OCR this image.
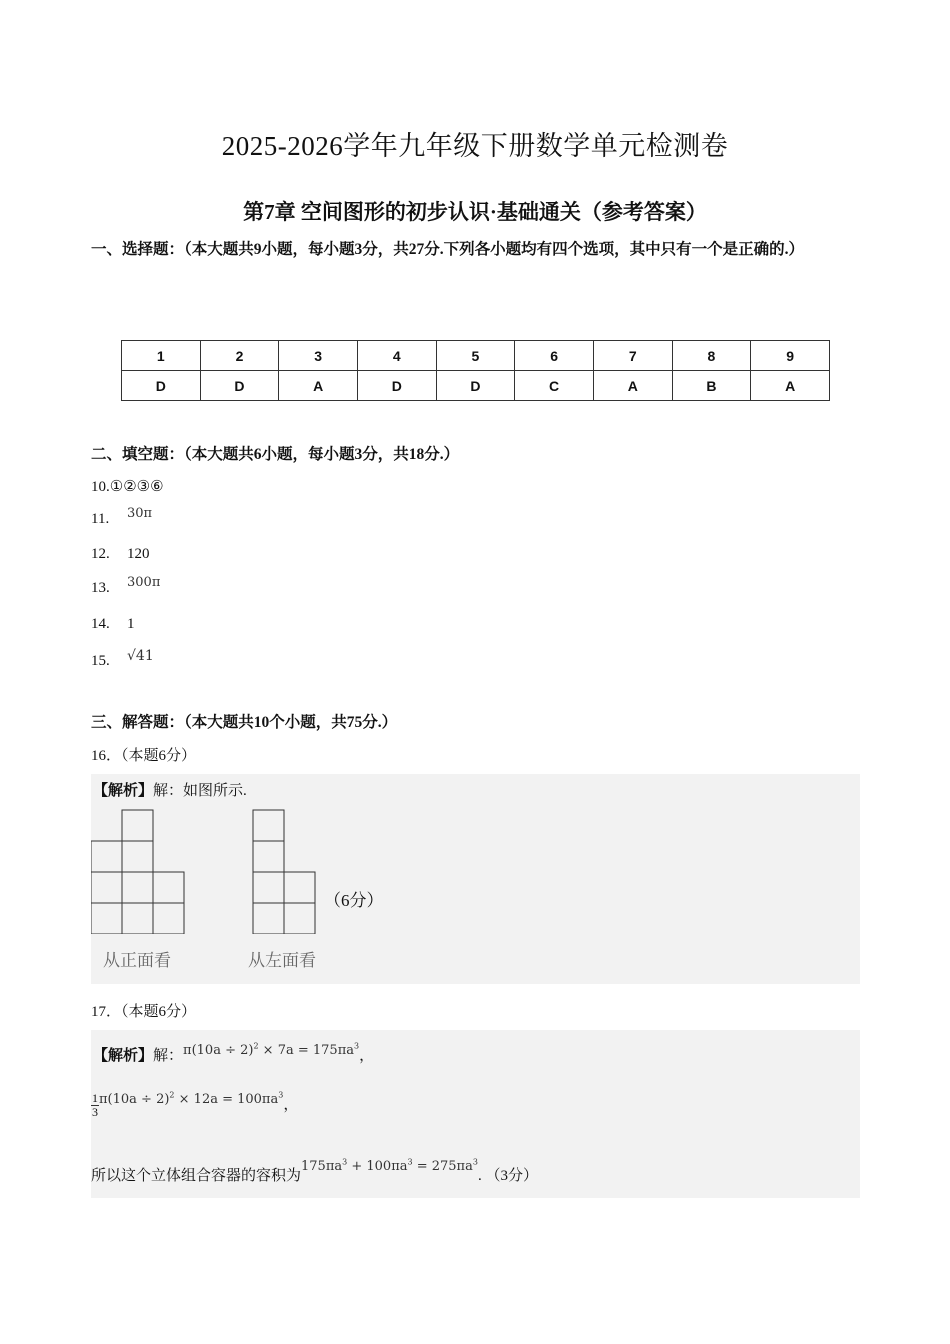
2025-2026学年九年级下册数学单元检测卷
第7章 空间图形的初步认识·基础通关（参考答案）
一、选择题：（本大题共9小题，每小题3分，共27分.下列各小题均有四个选项，其中只有一个是正确的.）
1	2	3	4	5	6	7	8	9
D	D	A	D	D	C	A	B	A
二、填空题：（本大题共6小题，每小题3分，共18分.）
10.①②③⑥
11. 30π
12. 120
13. 300π
14. 1
15. √41
三、解答题：（本大题共10个小题，共75分.）
16．（本题6分）
【解析】解：如图所示.
（6分）
从正面看	从左面看
17．（本题6分）
【解析】解：$\pi(10a \div 2)^2 \times 7a = 175\pi a^3$，
$\frac{1}{3} \pi(10a \div 2)^2 \times 12a = 100\pi a^3$，
所以这个立体组合容器的容积为$175\pi a^3 + 100\pi a^3 = 275\pi a^3$. （3分）
